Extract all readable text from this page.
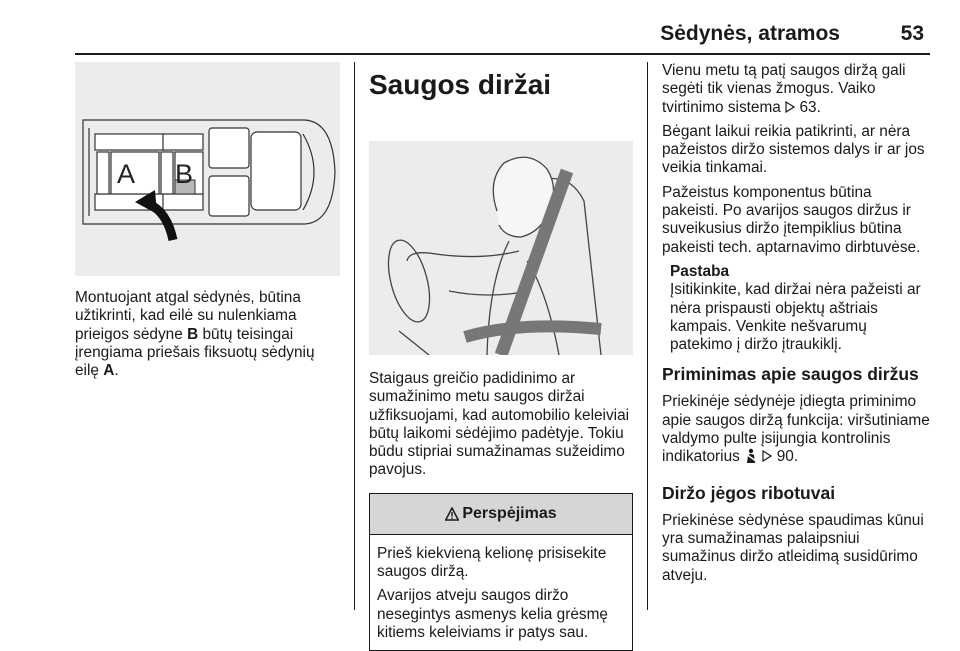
Sėdynės, atramos	53
A B

Montuojant atgal sėdynės, būtina užtikrinti, kad eilė su nulenkiama prieigos sėdyne B būtų teisingai įrengiama priešais fiksuotų sėdynių eilę A.

Saugos diržai

Staigaus greičio padidinimo ar sumažinimo metu saugos diržai užfiksuojami, kad automobilio keleiviai būtų laikomi sėdėjimo padėtyje. Tokiu būdu stipriai sumažinamas sužeidimo pavojus.

Perspėjimas

Prieš kiekvieną kelionę prisisekite saugos diržą.

Avarijos atveju saugos diržo nesegintys asmenys kelia grėsmę kitiems keleiviams ir patys sau.

Vienu metu tą patį saugos diržą gali segėti tik vienas žmogus. Vaiko tvirtinimo sistema  63.

Bėgant laikui reikia patikrinti, ar nėra pažeistos diržo sistemos dalys ir ar jos veikia tinkamai.

Pažeistus komponentus būtina pakeisti. Po avarijos saugos diržus ir suveikusius diržo įtempiklius būtina pakeisti tech. aptarnavimo dirbtuvėse.

Pastaba

Įsitikinkite, kad diržai nėra pažeisti ar nėra prispausti objektų aštriais kampais. Venkite nešvarumų patekimo į diržo įtraukiklį.

Priminimas apie saugos diržus

Priekinėje sėdynėje įdiegta priminimo apie saugos diržą funkcija: viršutiniame valdymo pulte įsijungia kontrolinis indikatorius   90.

Diržo jėgos ribotuvai

Priekinėse sėdynėse spaudimas kūnui yra sumažinamas palaipsniui sumažinus diržo atleidimą susidūrimo atveju.
